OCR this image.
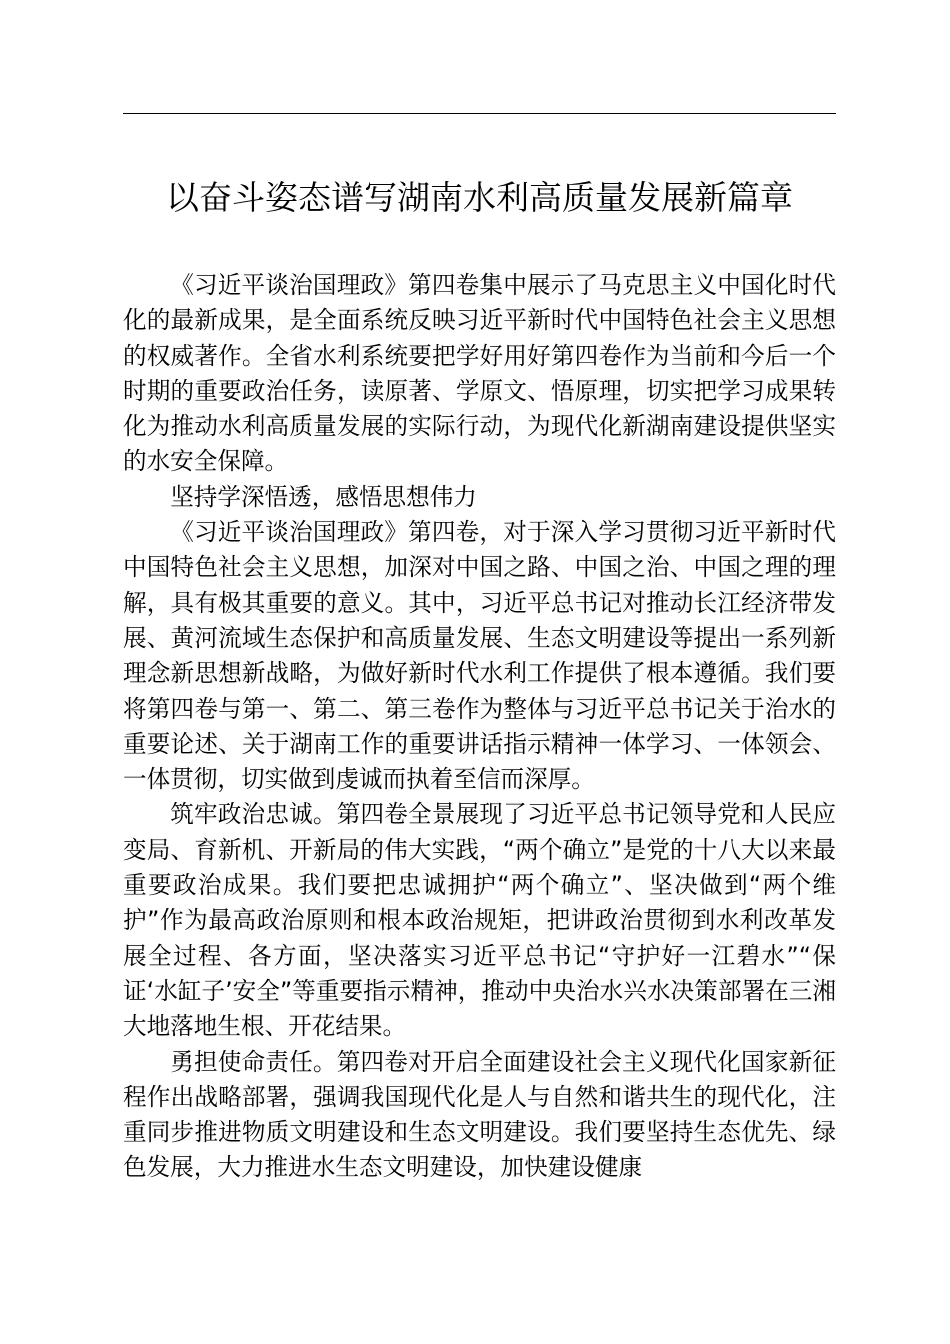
以奋斗姿态谱写湖南水利高质量发展新篇章

《习近平谈治国理政》第四卷集中展示了马克思主义中国化时代化的最新成果，是全面系统反映习近平新时代中国特色社会主义思想的权威著作。全省水利系统要把学好用好第四卷作为当前和今后一个时期的重要政治任务，读原著、学原文、悟原理，切实把学习成果转化为推动水利高质量发展的实际行动，为现代化新湖南建设提供坚实的水安全保障。

坚持学深悟透，感悟思想伟力

《习近平谈治国理政》第四卷，对于深入学习贯彻习近平新时代中国特色社会主义思想，加深对中国之路、中国之治、中国之理的理解，具有极其重要的意义。其中，习近平总书记对推动长江经济带发展、黄河流域生态保护和高质量发展、生态文明建设等提出一系列新理念新思想新战略，为做好新时代水利工作提供了根本遵循。我们要将第四卷与第一、第二、第三卷作为整体与习近平总书记关于治水的重要论述、关于湖南工作的重要讲话指示精神一体学习、一体领会、一体贯彻，切实做到虔诚而执着至信而深厚。

筑牢政治忠诚。第四卷全景展现了习近平总书记领导党和人民应变局、育新机、开新局的伟大实践，“两个确立”是党的十八大以来最重要政治成果。我们要把忠诚拥护“两个确立”、坚决做到“两个维护”作为最高政治原则和根本政治规矩，把讲政治贯彻到水利改革发展全过程、各方面，坚决落实习近平总书记“守护好一江碧水”“保证‘水缸子’安全”等重要指示精神，推动中央治水兴水决策部署在三湘大地落地生根、开花结果。

勇担使命责任。第四卷对开启全面建设社会主义现代化国家新征程作出战略部署，强调我国现代化是人与自然和谐共生的现代化，注重同步推进物质文明建设和生态文明建设。我们要坚持生态优先、绿色发展，大力推进水生态文明建设，加快建设健康
